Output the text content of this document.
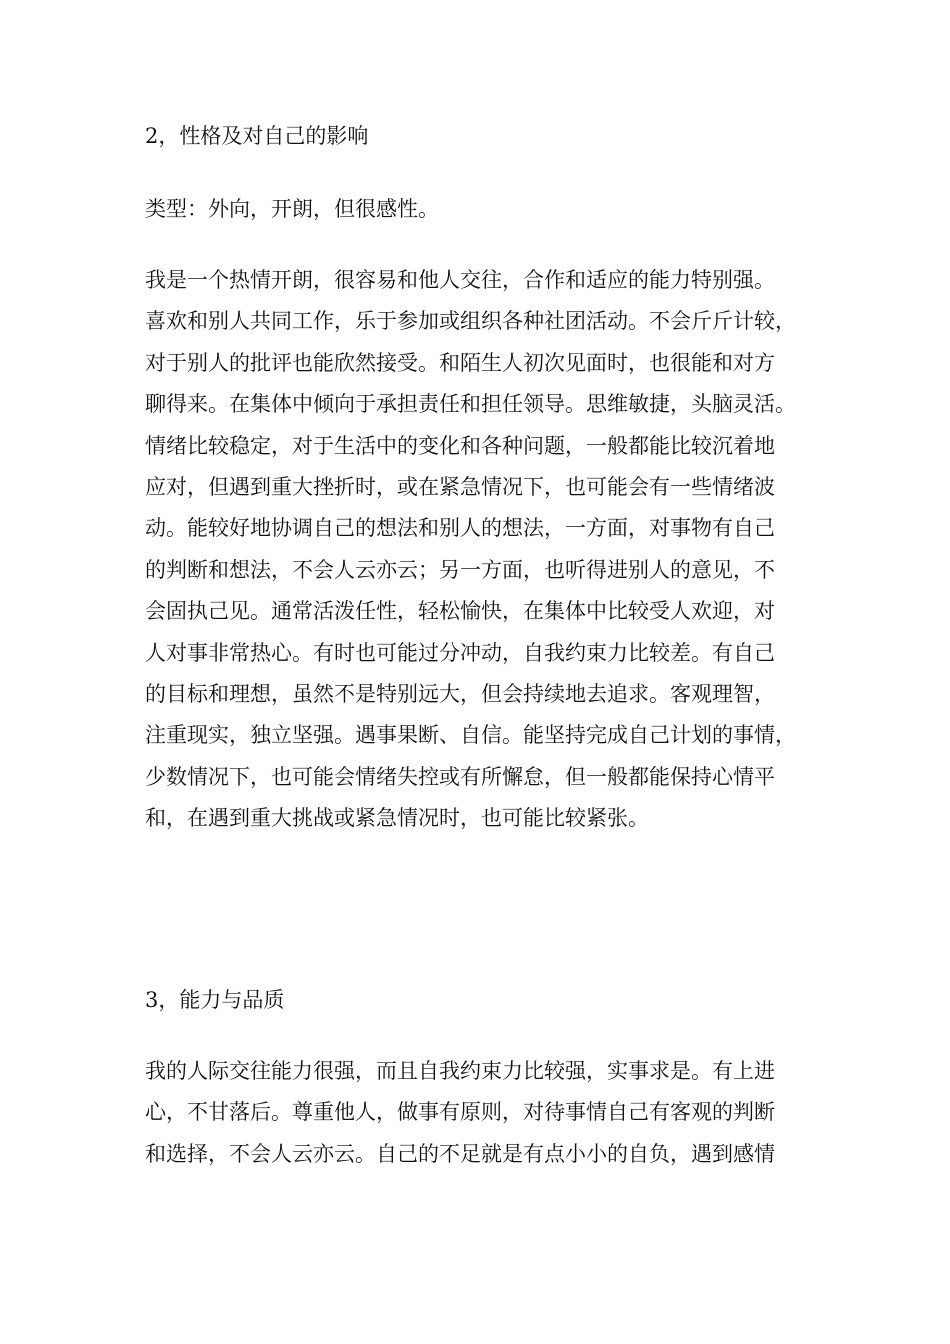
2，性格及对自己的影响

类型：外向，开朗，但很感性。

我是一个热情开朗，很容易和他人交往，合作和适应的能力特别强。
喜欢和别人共同工作，乐于参加或组织各种社团活动。不会斤斤计较，
对于别人的批评也能欣然接受。和陌生人初次见面时，也很能和对方
聊得来。在集体中倾向于承担责任和担任领导。思维敏捷，头脑灵活。
情绪比较稳定，对于生活中的变化和各种问题，一般都能比较沉着地
应对，但遇到重大挫折时，或在紧急情况下，也可能会有一些情绪波
动。能较好地协调自己的想法和别人的想法，一方面，对事物有自己
的判断和想法，不会人云亦云；另一方面，也听得进别人的意见，不
会固执己见。通常活泼任性，轻松愉快，在集体中比较受人欢迎，对
人对事非常热心。有时也可能过分冲动，自我约束力比较差。有自己
的目标和理想，虽然不是特别远大，但会持续地去追求。客观理智，
注重现实，独立坚强。遇事果断、自信。能坚持完成自己计划的事情，
少数情况下，也可能会情绪失控或有所懈怠，但一般都能保持心情平
和，在遇到重大挑战或紧急情况时，也可能比较紧张。

3，能力与品质

我的人际交往能力很强，而且自我约束力比较强，实事求是。有上进
心，不甘落后。尊重他人，做事有原则，对待事情自己有客观的判断
和选择，不会人云亦云。自己的不足就是有点小小的自负，遇到感情
